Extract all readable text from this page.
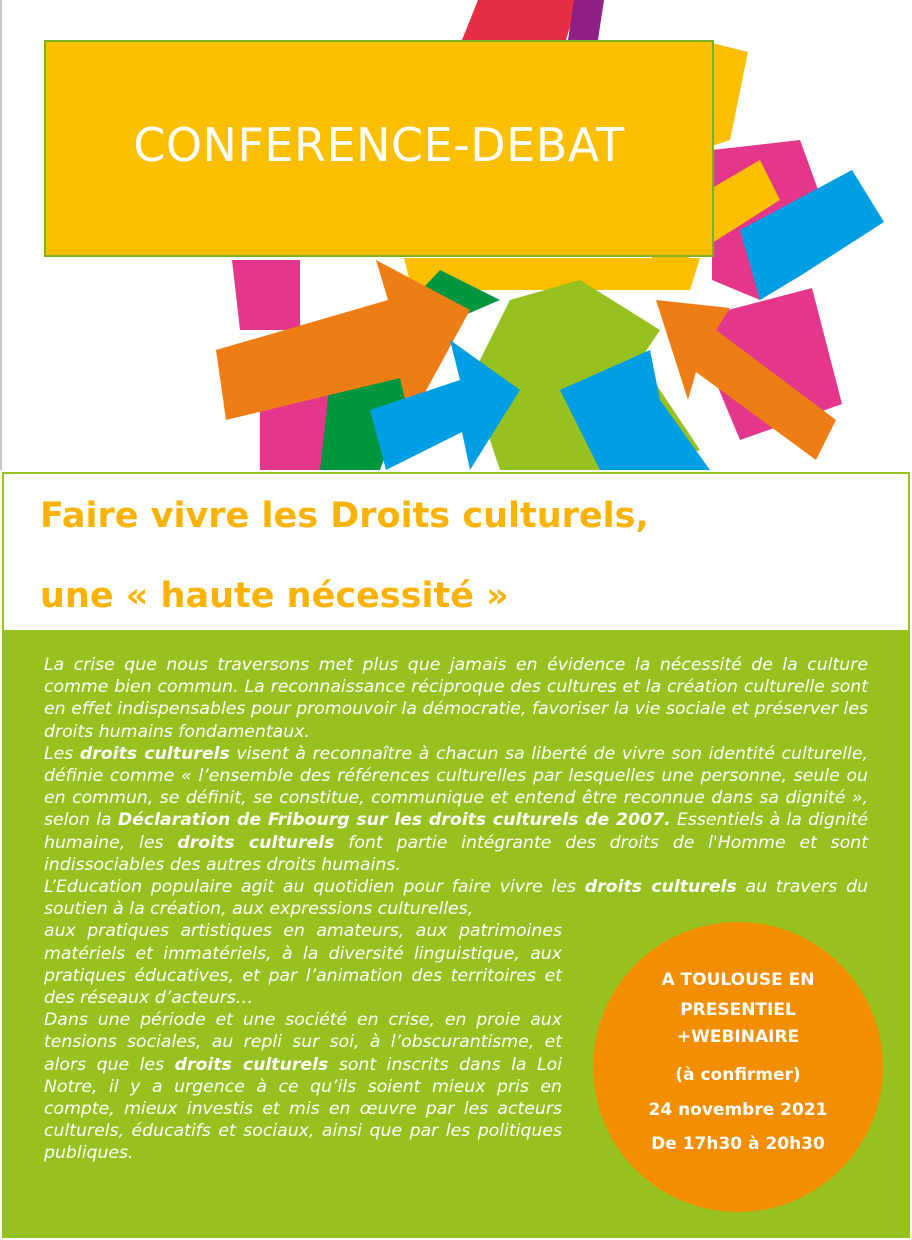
CONFERENCE-DEBAT
Faire vivre les Droits culturels,
une « haute nécessité »

La crise que nous traversons met plus que jamais en évidence la nécessité de la culture comme bien commun. La reconnaissance réciproque des cultures et la création culturelle sont en effet indispensables pour promouvoir la démocratie, favoriser la vie sociale et préserver les droits humains fondamentaux.

Les droits culturels visent à reconnaître à chacun sa liberté de vivre son identité culturelle, définie comme « l’ensemble des références culturelles par lesquelles une personne, seule ou en commun, se définit, se constitue, communique et entend être reconnue dans sa dignité », selon la Déclaration de Fribourg sur les droits culturels de 2007. Essentiels à la dignité humaine, les droits culturels font partie intégrante des droits de l'Homme et sont indissociables des autres droits humains.

L’Education populaire agit au quotidien pour faire vivre les droits culturels au travers du soutien à la création, aux expressions culturelles,

aux pratiques artistiques en amateurs, aux patrimoines matériels et immatériels, à la diversité linguistique, aux pratiques éducatives, et par l’animation des territoires et des réseaux d’acteurs…

Dans une période et une société en crise, en proie aux tensions sociales, au repli sur soi, à l’obscurantisme, et alors que les droits culturels sont inscrits dans la Loi Notre, il y a urgence à ce qu’ils soient mieux pris en compte, mieux investis et mis en œuvre par les acteurs culturels, éducatifs et sociaux, ainsi que par les politiques publiques.

A TOULOUSE EN
PRESENTIEL
+WEBINAIRE
(à confirmer)
24 novembre 2021
De 17h30 à 20h30
